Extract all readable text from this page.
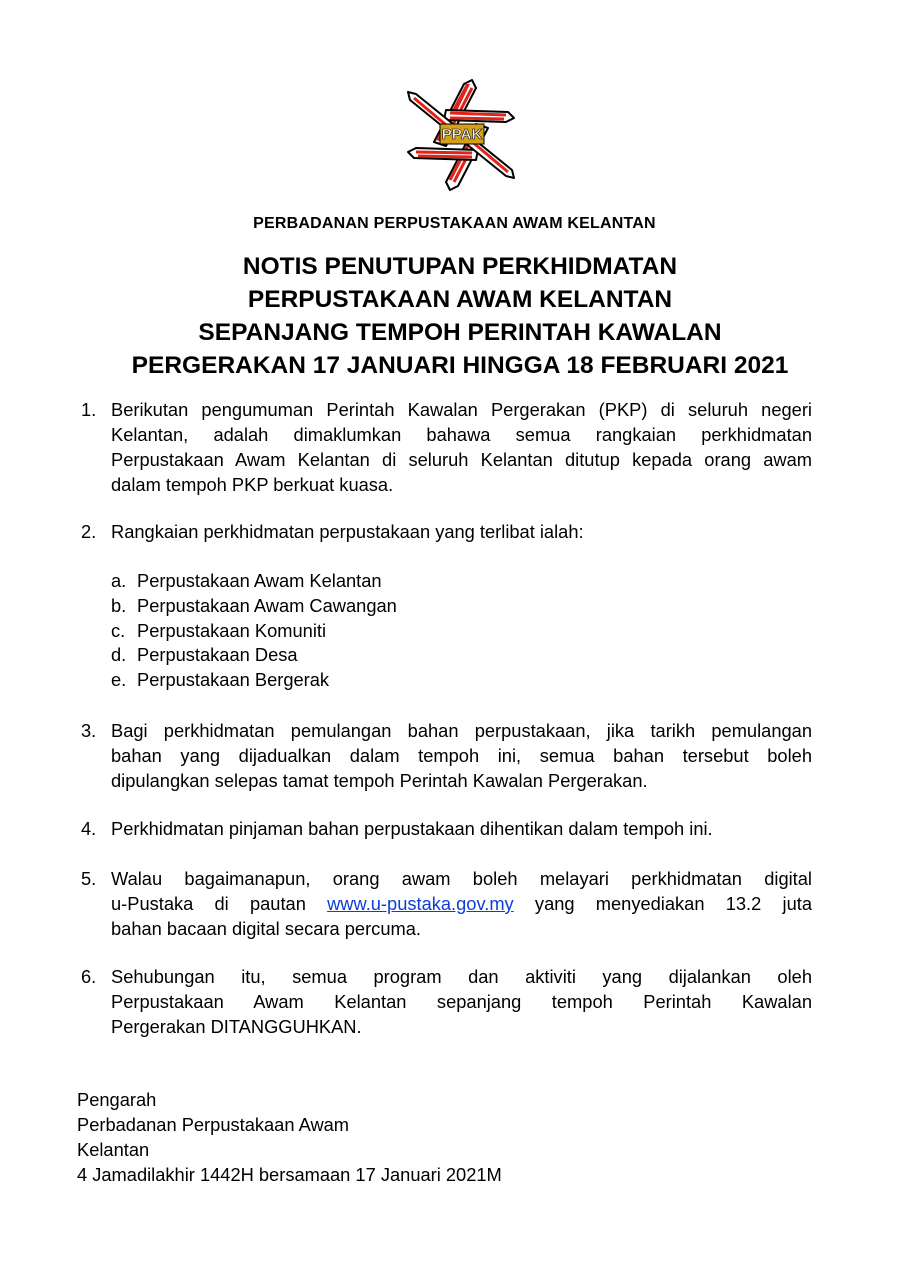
PPAK
PERBADANAN PERPUSTAKAAN AWAM KELANTAN
NOTIS PENUTUPAN PERKHIDMATAN
PERPUSTAKAAN AWAM KELANTAN
SEPANJANG TEMPOH PERINTAH KAWALAN
PERGERAKAN 17 JANUARI HINGGA 18 FEBRUARI 2021
1. Berikutan pengumuman Perintah Kawalan Pergerakan (PKP) di seluruh negeri
Kelantan, adalah dimaklumkan bahawa semua rangkaian perkhidmatan
Perpustakaan Awam Kelantan di seluruh Kelantan ditutup kepada orang awam
dalam tempoh PKP berkuat kuasa.
2. Rangkaian perkhidmatan perpustakaan yang terlibat ialah:
a. Perpustakaan Awam Kelantan
b. Perpustakaan Awam Cawangan
c. Perpustakaan Komuniti
d. Perpustakaan Desa
e. Perpustakaan Bergerak
3. Bagi perkhidmatan pemulangan bahan perpustakaan, jika tarikh pemulangan
bahan yang dijadualkan dalam tempoh ini, semua bahan tersebut boleh
dipulangkan selepas tamat tempoh Perintah Kawalan Pergerakan.
4. Perkhidmatan pinjaman bahan perpustakaan dihentikan dalam tempoh ini.
5. Walau bagaimanapun, orang awam boleh melayari perkhidmatan digital
u-Pustaka di pautan www.u-pustaka.gov.my yang menyediakan 13.2 juta
bahan bacaan digital secara percuma.
6. Sehubungan itu, semua program dan aktiviti yang dijalankan oleh
Perpustakaan Awam Kelantan sepanjang tempoh Perintah Kawalan
Pergerakan DITANGGUHKAN.
Pengarah
Perbadanan Perpustakaan Awam
Kelantan
4 Jamadilakhir 1442H bersamaan 17 Januari 2021M
